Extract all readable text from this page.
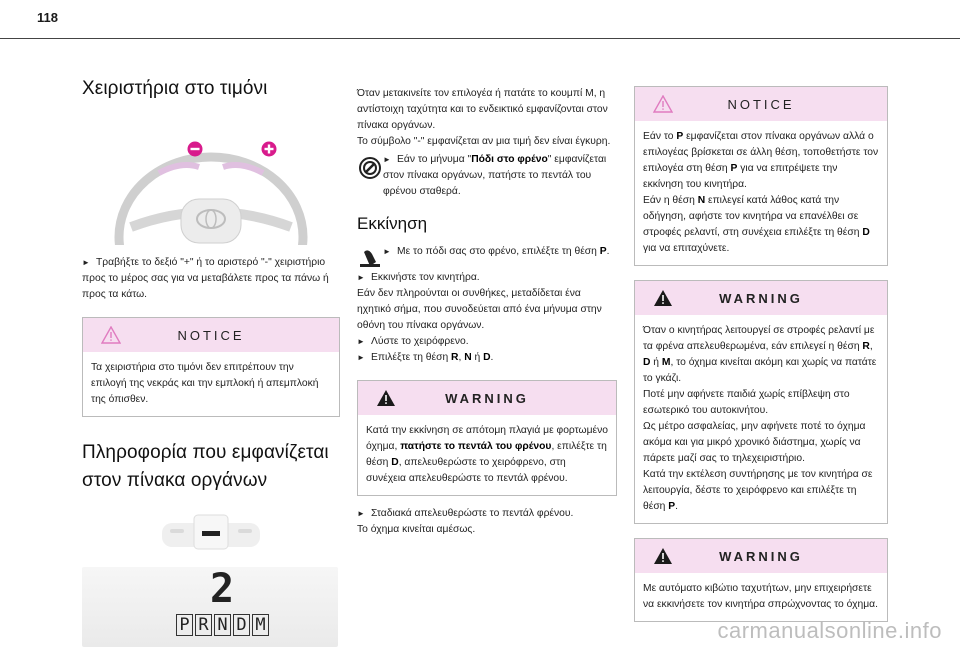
118
Χειριστήρια στο τιμόνι

► Τραβήξτε το δεξιό "+" ή το αριστερό "-" χειριστήριο προς το μέρος σας για να μεταβάλετε προς τα πάνω ή προς τα κάτω.

NOTICE

Τα χειριστήρια στο τιμόνι δεν επιτρέπουν την επιλογή της νεκράς και την εμπλοκή ή απεμπλοκή της όπισθεν.

Πληροφορία που εμφανίζεται
στον πίνακα οργάνων
2
P R N D M

Όταν μετακινείτε τον επιλογέα ή πατάτε το κουμπί M, η αντίστοιχη ταχύτητα και το ενδεικτικό εμφανίζονται στον πίνακα οργάνων.

Το σύμβολο "-" εμφανίζεται αν μια τιμή δεν είναι έγκυρη.

► Εάν το μήνυμα "Πόδι στο φρένο" εμφανίζεται στον πίνακα οργάνων, πατήστε το πεντάλ του φρένου σταθερά.

Εκκίνηση

► Με το πόδι σας στο φρένο, επιλέξτε τη θέση P.

► Εκκινήστε τον κινητήρα.

Εάν δεν πληρούνται οι συνθήκες, μεταδίδεται ένα ηχητικό σήμα, που συνοδεύεται από ένα μήνυμα στην οθόνη του πίνακα οργάνων.

► Λύστε το χειρόφρενο.

► Επιλέξτε τη θέση R, N ή D.

WARNING

Κατά την εκκίνηση σε απότομη πλαγιά με φορτωμένο όχημα, πατήστε το πεντάλ του φρένου, επιλέξτε τη θέση D, απελευθερώστε το χειρόφρενο, στη συνέχεια απελευθερώστε το πεντάλ φρένου.

► Σταδιακά απελευθερώστε το πεντάλ φρένου.

Το όχημα κινείται αμέσως.

NOTICE

Εάν το P εμφανίζεται στον πίνακα οργάνων αλλά ο επιλογέας βρίσκεται σε άλλη θέση, τοποθετήστε τον επιλογέα στη θέση P για να επιτρέψετε την εκκίνηση του κινητήρα.

Εάν η θέση N επιλεγεί κατά λάθος κατά την οδήγηση, αφήστε τον κινητήρα να επανέλθει σε στροφές ρελαντί, στη συνέχεια επιλέξτε τη θέση D για να επιταχύνετε.

WARNING

Όταν ο κινητήρας λειτουργεί σε στροφές ρελαντί με τα φρένα απελευθερωμένα, εάν επιλεγεί η θέση R, D ή M, το όχημα κινείται ακόμη και χωρίς να πατάτε το γκάζι.

Ποτέ μην αφήνετε παιδιά χωρίς επίβλεψη στο εσωτερικό του αυτοκινήτου.

Ως μέτρο ασφαλείας, μην αφήνετε ποτέ το όχημα ακόμα και για μικρό χρονικό διάστημα, χωρίς να πάρετε μαζί σας το τηλεχειριστήριο.

Κατά την εκτέλεση συντήρησης με τον κινητήρα σε λειτουργία, δέστε το χειρόφρενο και επιλέξτε τη θέση P.

WARNING

Με αυτόματο κιβώτιο ταχυτήτων, μην επιχειρήσετε να εκκινήσετε τον κινητήρα σπρώχνοντας το όχημα.

carmanualsonline.info
